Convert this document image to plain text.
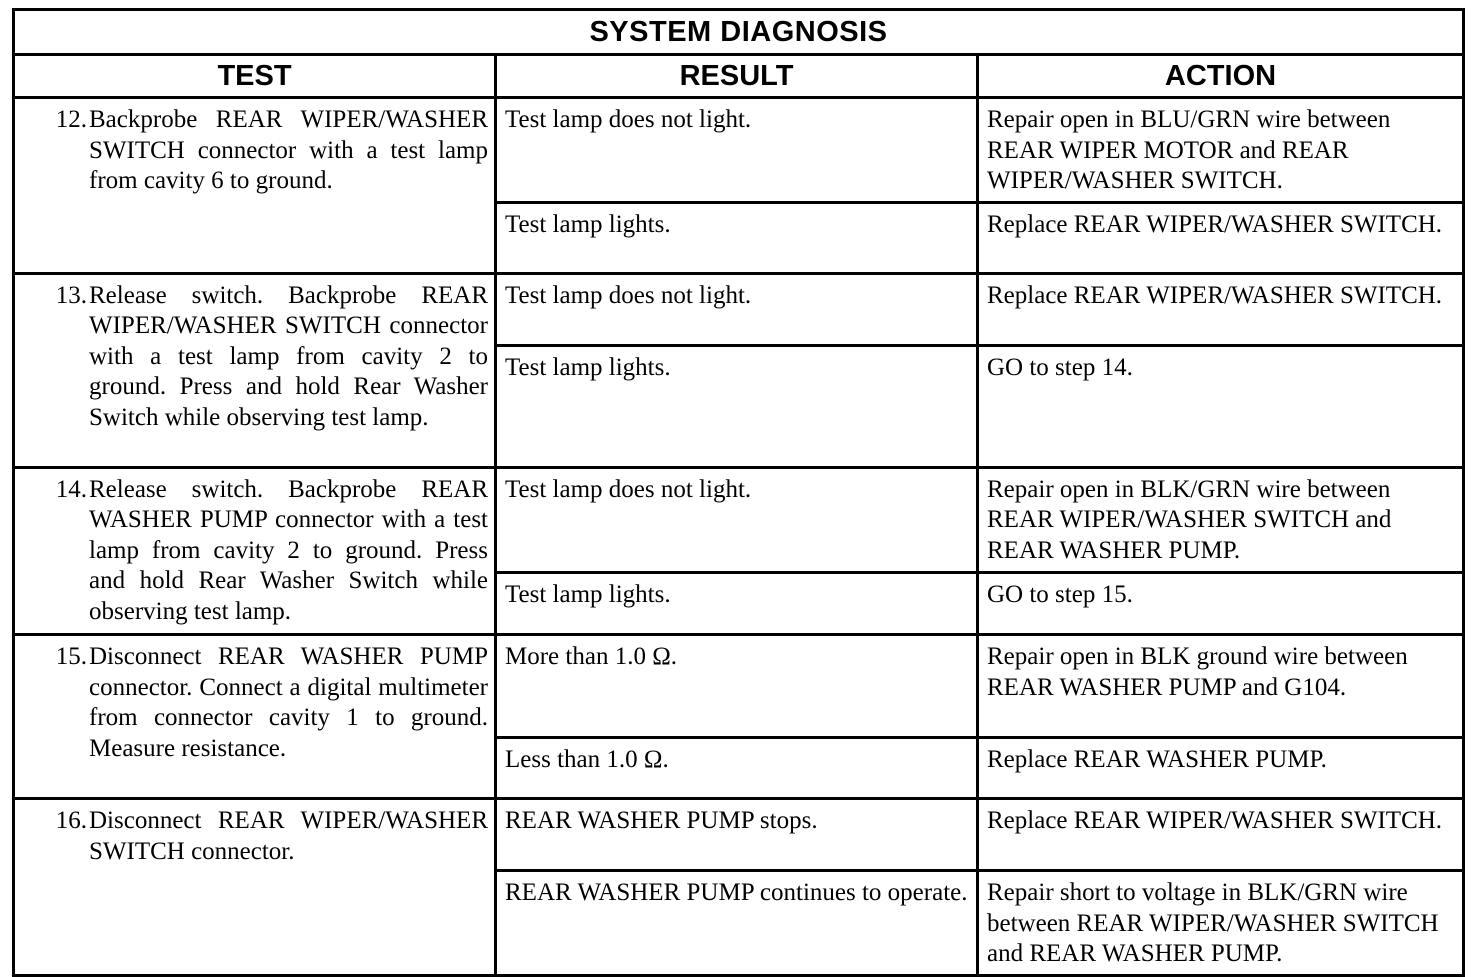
SYSTEM DIAGNOSIS		
TEST	RESULT	ACTION

12. Backprobe REAR WIPER/WASHER SWITCH connector with a test lamp from cavity 6 to ground.	Test lamp does not light.	Repair open in BLU/GRN wire between REAR WIPER MOTOR and REAR WIPER/WASHER SWITCH.
	Test lamp lights.	Replace REAR WIPER/WASHER SWITCH.

13. Release switch. Backprobe REAR WIPER/WASHER SWITCH connector with a test lamp from cavity 2 to ground. Press and hold Rear Washer Switch while observing test lamp.	Test lamp does not light.	Replace REAR WIPER/WASHER SWITCH.
	Test lamp lights.	GO to step 14.

14. Release switch. Backprobe REAR WASHER PUMP connector with a test lamp from cavity 2 to ground. Press and hold Rear Washer Switch while observing test lamp.	Test lamp does not light.	Repair open in BLK/GRN wire between REAR WIPER/WASHER SWITCH and REAR WASHER PUMP.
	Test lamp lights.	GO to step 15.

15. Disconnect REAR WASHER PUMP connector. Connect a digital multimeter from connector cavity 1 to ground. Measure resistance.	More than 1.0 Ω.	Repair open in BLK ground wire between REAR WASHER PUMP and G104.
	Less than 1.0 Ω.	Replace REAR WASHER PUMP.

16. Disconnect REAR WIPER/WASHER SWITCH connector.	REAR WASHER PUMP stops.	Replace REAR WIPER/WASHER SWITCH.
	REAR WASHER PUMP continues to operate.	Repair short to voltage in BLK/GRN wire between REAR WIPER/WASHER SWITCH and REAR WASHER PUMP.
